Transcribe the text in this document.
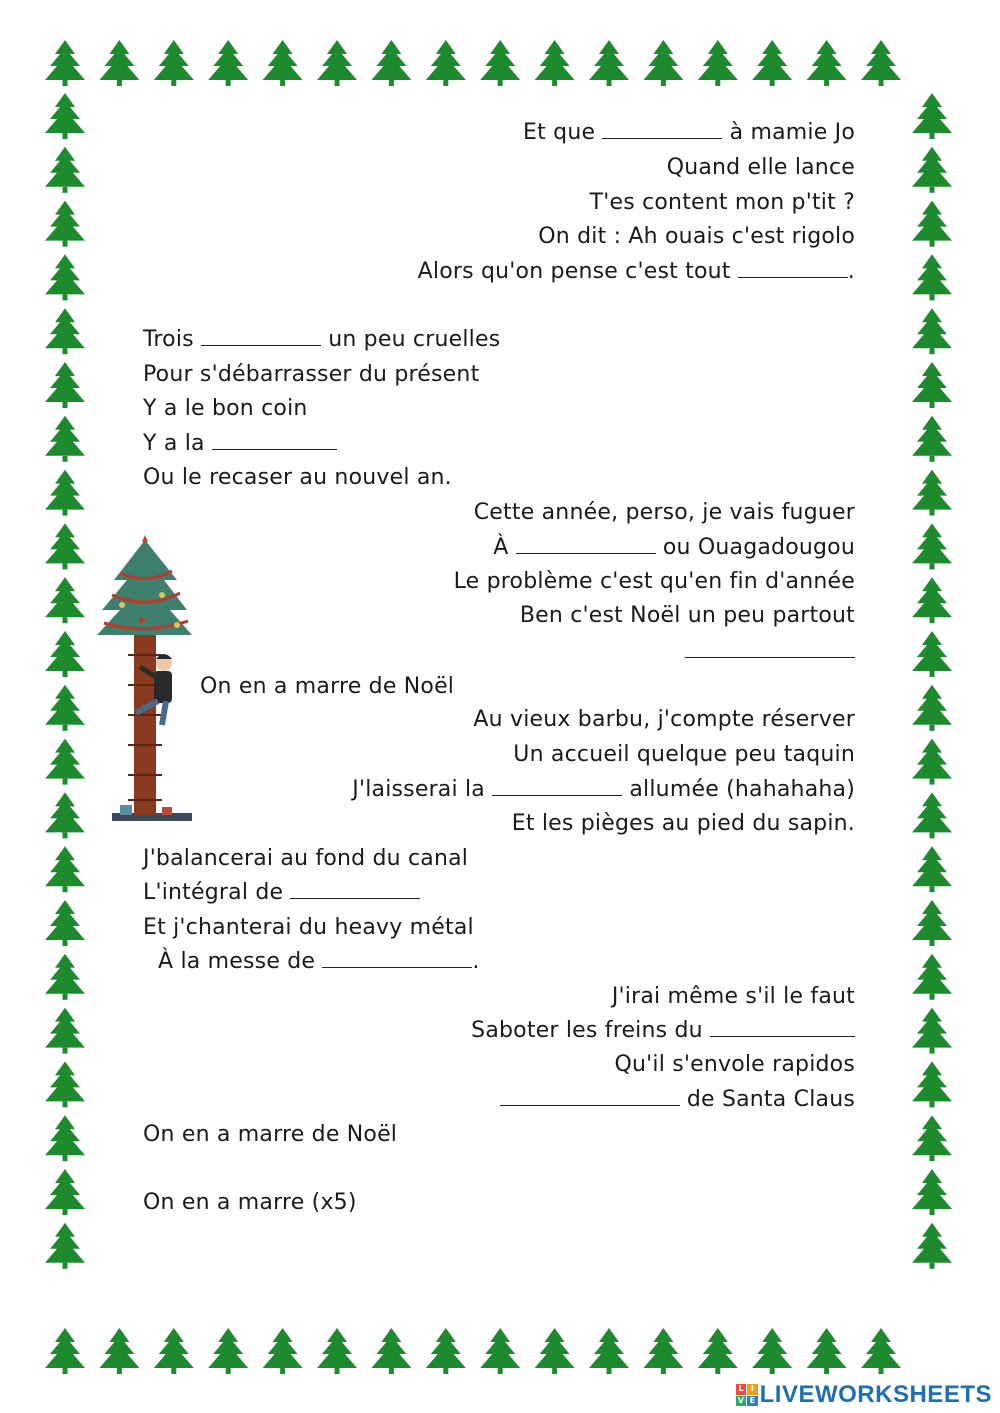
Et que	à mamie Jo
Quand elle lance
T'es content mon p'tit ?
On dit : Ah ouais c'est rigolo
Alors qu'on pense c'est tout	.
Trois	un peu cruelles
Pour s'débarrasser du présent
Y a le bon coin
Y a la
Ou le recaser au nouvel an.
Cette année, perso, je vais fuguer
À	ou Ouagadougou
Le problème c'est qu'en fin d'année
Ben c'est Noël un peu partout
On en a marre de Noël
Au vieux barbu, j'compte réserver
Un accueil quelque peu taquin
J'laisserai la	allumée (hahahaha)
Et les pièges au pied du sapin.
J'balancerai au fond du canal
L'intégral de
Et j'chanterai du heavy métal
À la messe de	.
J'irai même s'il le faut
Saboter les freins du
Qu'il s'envole rapidos
de Santa Claus
On en a marre de Noël
On en a marre (x5)
L I
V E LIVEWORKSHEETS
